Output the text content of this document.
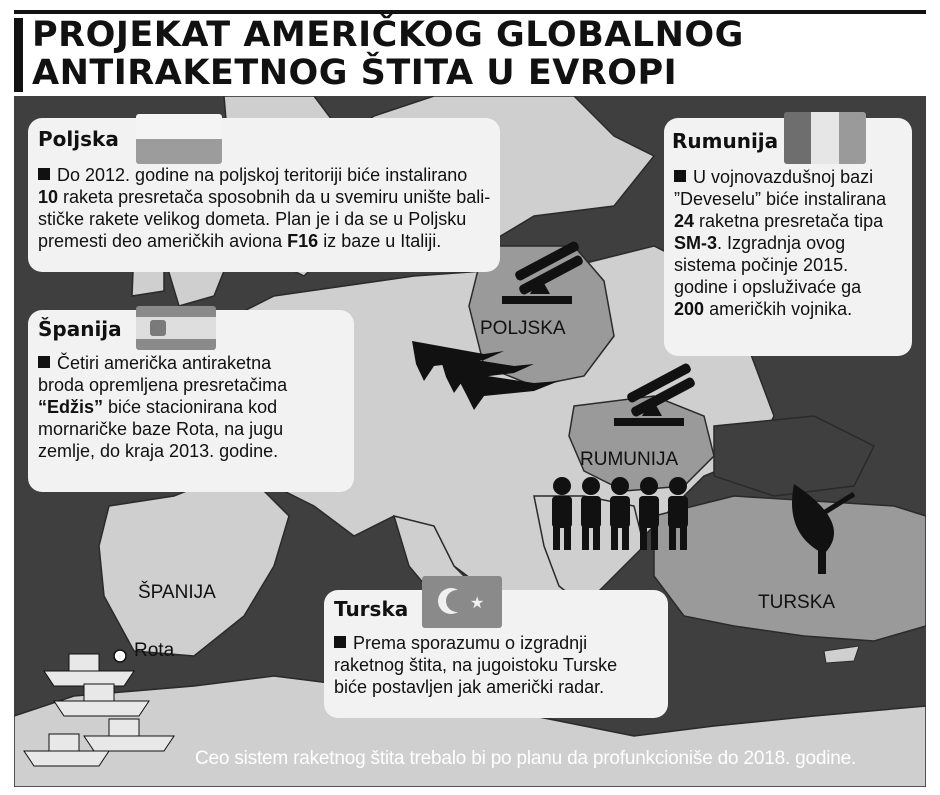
PROJEKAT AMERIČKOG GLOBALNOG
ANTIRAKETNOG ŠTITA U EVROPI
POLJSKA
RUMUNIJA
ŠPANIJA	TURSKA
Rota
Poljska
Do 2012. godine na poljskoj teritoriji biće instalirano
10 raketa presretača sposobnih da u svemiru unište bali-
stičke rakete velikog dometa. Plan je i da se u Poljsku
premesti deo američkih aviona F16 iz baze u Italiji.
Španija
Četiri američka antiraketna
broda opremljena presretačima
“Edžis” biće stacionirana kod
mornaričke baze Rota, na jugu
zemlje, do kraja 2013. godine.
Rumunija
U vojnovazdušnoj bazi
”Deveselu” biće instalirana
24 raketna presretača tipa
SM-3. Izgradnja ovog
sistema počinje 2015.
godine i opsluživaće ga
200 američkih vojnika.
★
Turska
Prema sporazumu o izgradnji
raketnog štita, na jugoistoku Turske
biće postavljen jak američki radar.
Ceo sistem raketnog štita trebalo bi po planu da profunkcioniše do 2018. godine.
